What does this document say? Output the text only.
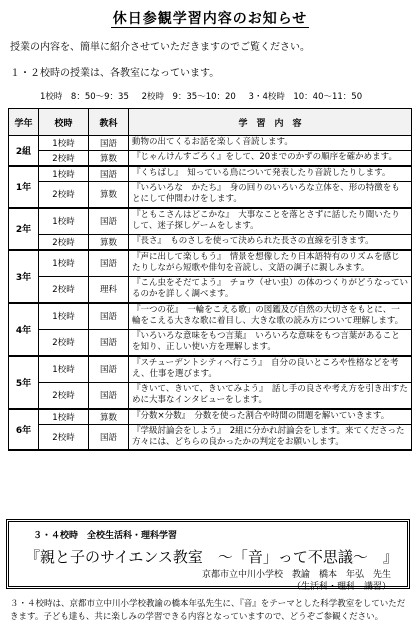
休日参観学習内容のお知らせ
授業の内容を、簡単に紹介させていただきますのでご覧ください。
１・２校時の授業は、各教室になっています。
1校時　8：50～9：35 2校時　9：35～10：20 3・4校時　10：40～11：50
学年	校時	教科	学　習　内　容
2組	1校時	国語	動物の出てくるお話を楽しく音読します。
	2校時	算数	『じゃんけんすごろく』をして、20までのかずの順序を確かめます。
1年	1校時	国語	『くちばし』　知っている鳥について発表したり音読したりします。
	2校時	算数	『いろいろな　かたち』　身の回りのいろいろな立体を、形の特徴をもとにして仲間わけをします。
2年	1校時	国語	『ともこさんはどこかな』　大事なことを落とさずに話したり聞いたりして、迷子探しゲームをします。
	2校時	算数	『長さ』　ものさしを使って決められた長さの直線を引きます。
3年	1校時	国語	『声に出して楽しもう』　情景を想像したり日本語特有のリズムを感じたりしながら短歌や俳句を音読し、文語の調子に親しみます。
	2校時	理科	『こん虫をそだてよう』　チョウ（せい虫）の体のつくりがどうなっているのかを詳しく調べます。
4年	1校時	国語	『一つの花』　一輪をこえる歌」の図鑑及び自然の大切さをもとに、一輪をこえる大きな歌に着目し、大きな歌の読み方について理解します。
	2校時	国語	『いろいろな意味をもつ言葉』　いろいろな意味をもつ言葉があることを知り、正しい使い方を理解します。
5年	1校時	国語	『スチューデントシティへ行こう』　自分の良いところや性格などを考え、仕事を選びます。
	2校時	国語	『きいて、きいて、きいてみよう』　話し手の良さや考え方を引き出すために大事なインタビューをします。
6年	1校時	算数	『分数×分数』　分数を使った割合や時間の問題を解いていきます。
	2校時	国語	『学級討論会をしよう』　2組に分かれ討論会をします。来てくださった方々には、どちらの良かったかの判定をお願いします。
３・４校時　全校生活科・理科学習
『親と子のサイエンス教室　～「音」って不思議～　』
京都市立中川小学校　教諭　橋本　年弘　先生
（生活科・理科　講習）
３・４校時は、京都市立中川小学校教諭の橋本年弘先生に、『音』をテーマとした科学教室をしていただきます。子ども達も、共に楽しみの学習できる内容となっていますので、どうぞご参観ください。
